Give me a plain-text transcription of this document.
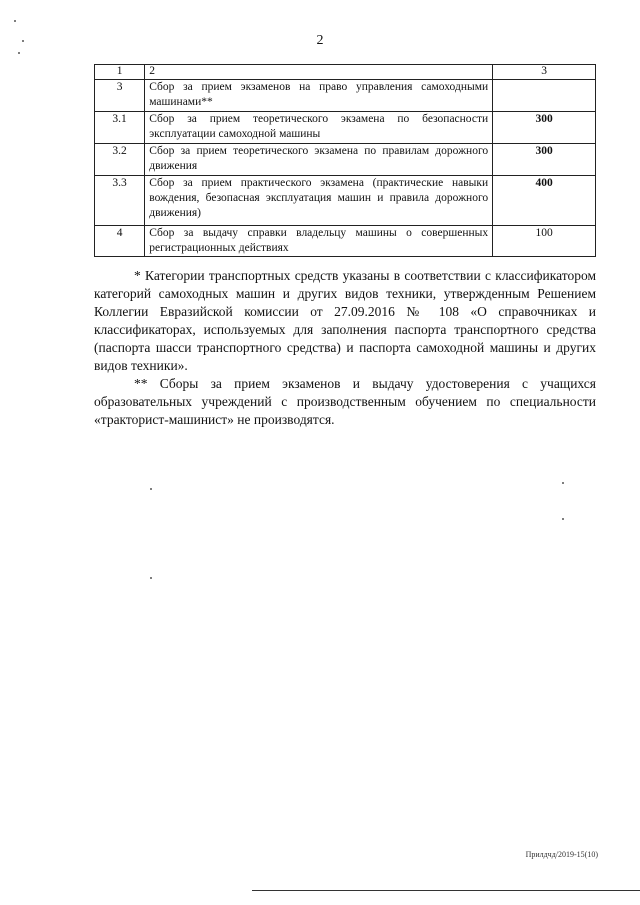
2
1	2	3
3	Сбор за прием экзаменов на право управления самоходными машинами**	
3.1	Сбор за прием теоретического экзамена по безопасности эксплуатации самоходной машины	300
3.2	Сбор за прием теоретического экзамена по правилам дорожного движения	300
3.3	Сбор за прием практического экзамена (практические навыки вождения, безопасная эксплуатация машин и правила дорожного движения)	400
4	Сбор за выдачу справки владельцу машины о совершенных регистрационных действиях	100

* Категории транспортных средств указаны в соответствии с классификатором категорий самоходных машин и других видов техники, утвержденным Решением Коллегии Евразийской комиссии от 27.09.2016 № 108 «О справочниках и классификаторах, используемых для заполнения паспорта транспортного средства (паспорта шасси транспортного средства) и паспорта самоходной машины и других видов техники».

** Сборы за прием экзаменов и выдачу удостоверения с учащихся образовательных учреждений с производственным обучением по специальности «тракторист-машинист» не производятся.

Прилдчд/2019-15(10)
